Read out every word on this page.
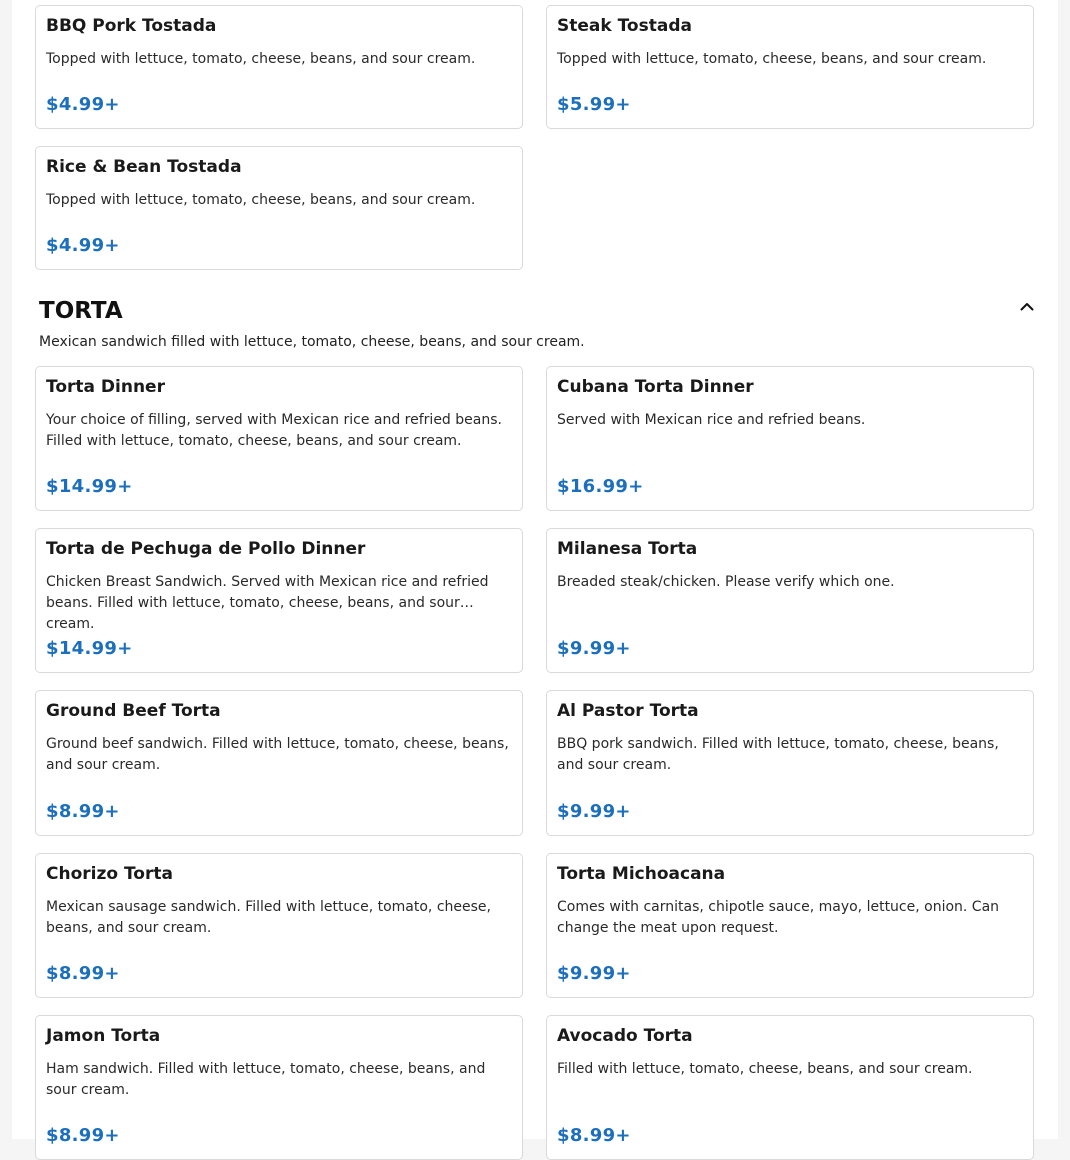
BBQ Pork Tostada
Topped with lettuce, tomato, cheese, beans, and sour cream.
$4.99+
Steak Tostada
Topped with lettuce, tomato, cheese, beans, and sour cream.
$5.99+
Rice & Bean Tostada
Topped with lettuce, tomato, cheese, beans, and sour cream.
$4.99+
TORTA
Mexican sandwich filled with lettuce, tomato, cheese, beans, and sour cream.
Torta Dinner
Your choice of filling, served with Mexican rice and refried beans. Filled with lettuce, tomato, cheese, beans, and sour cream.
$14.99+
Cubana Torta Dinner
Served with Mexican rice and refried beans.
$16.99+
Torta de Pechuga de Pollo Dinner
Chicken Breast Sandwich. Served with Mexican rice and refried beans. Filled with lettuce, tomato, cheese, beans, and sour cream.
$14.99+
Milanesa Torta
Breaded steak/chicken. Please verify which one.
$9.99+
Ground Beef Torta
Ground beef sandwich. Filled with lettuce, tomato, cheese, beans, and sour cream.
$8.99+
Al Pastor Torta
BBQ pork sandwich. Filled with lettuce, tomato, cheese, beans, and sour cream.
$9.99+
Chorizo Torta
Mexican sausage sandwich. Filled with lettuce, tomato, cheese, beans, and sour cream.
$8.99+
Torta Michoacana
Comes with carnitas, chipotle sauce, mayo, lettuce, onion. Can change the meat upon request.
$9.99+
Jamon Torta
Ham sandwich. Filled with lettuce, tomato, cheese, beans, and sour cream.
$8.99+
Avocado Torta
Filled with lettuce, tomato, cheese, beans, and sour cream.
$8.99+
